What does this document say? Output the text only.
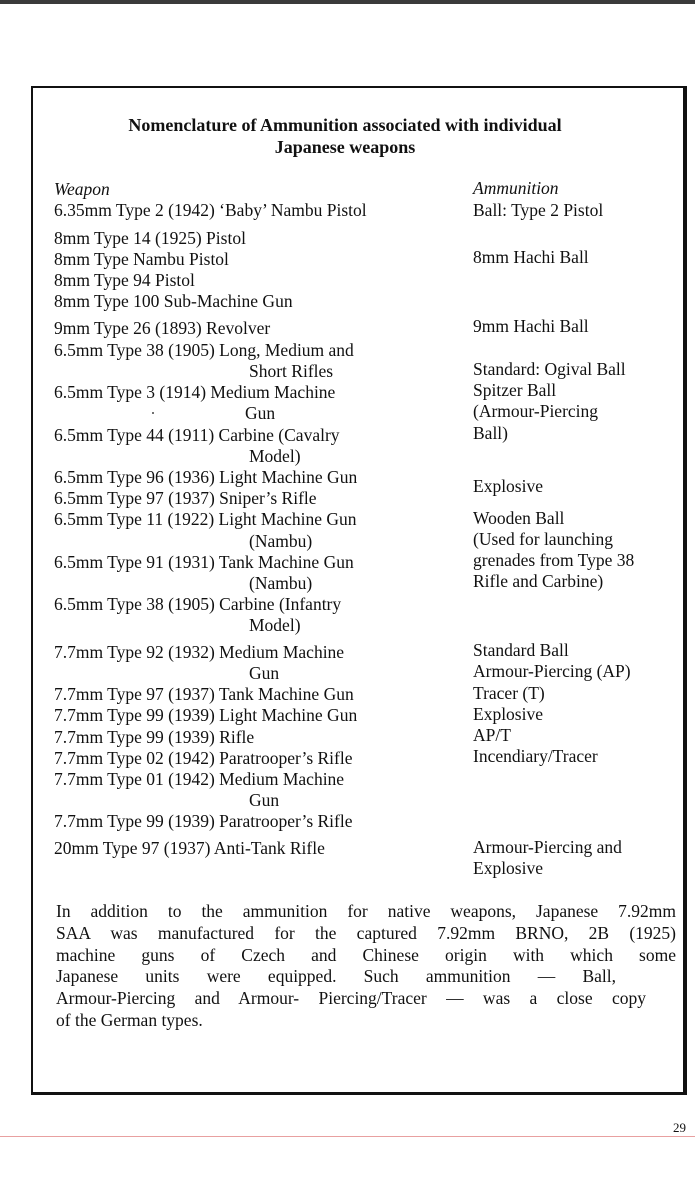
Nomenclature of Ammunition associated with individual
Japanese weapons
Weapon	Ammunition
6.35mm Type 2 (1942) ‘Baby’ Nambu Pistol
8mm Type 14 (1925) Pistol
8mm Type Nambu Pistol
8mm Type 94 Pistol
8mm Type 100 Sub-Machine Gun
9mm Type 26 (1893) Revolver
6.5mm Type 38 (1905) Long, Medium and
Short Rifles
6.5mm Type 3 (1914) Medium Machine
Gun
6.5mm Type 44 (1911) Carbine (Cavalry
Model)
6.5mm Type 96 (1936) Light Machine Gun
6.5mm Type 97 (1937) Sniper’s Rifle
6.5mm Type 11 (1922) Light Machine Gun
(Nambu)
6.5mm Type 91 (1931) Tank Machine Gun
(Nambu)
6.5mm Type 38 (1905) Carbine (Infantry
Model)
7.7mm Type 92 (1932) Medium Machine
Gun
7.7mm Type 97 (1937) Tank Machine Gun
7.7mm Type 99 (1939) Light Machine Gun
7.7mm Type 99 (1939) Rifle
7.7mm Type 02 (1942) Paratrooper’s Rifle
7.7mm Type 01 (1942) Medium Machine
Gun
7.7mm Type 99 (1939) Paratrooper’s Rifle
20mm Type 97 (1937) Anti-Tank Rifle
Ball: Type 2 Pistol
8mm Hachi Ball
9mm Hachi Ball
Standard: Ogival Ball
Spitzer Ball
(Armour-Piercing
Ball)
Explosive
Wooden Ball
(Used for launching
grenades from Type 38
Rifle and Carbine)
Standard Ball
Armour-Piercing (AP)
Tracer (T)
Explosive
AP/T
Incendiary/Tracer
Armour-Piercing and
Explosive
In addition to the ammunition for native weapons, Japanese 7.92mm
SAA was manufactured for the captured 7.92mm BRNO, 2B (1925)
machine guns of Czech and Chinese origin with which some
Japanese units were equipped. Such ammunition — Ball,
Armour-Piercing and Armour- Piercing/Tracer — was a close copy
of the German types.
29
